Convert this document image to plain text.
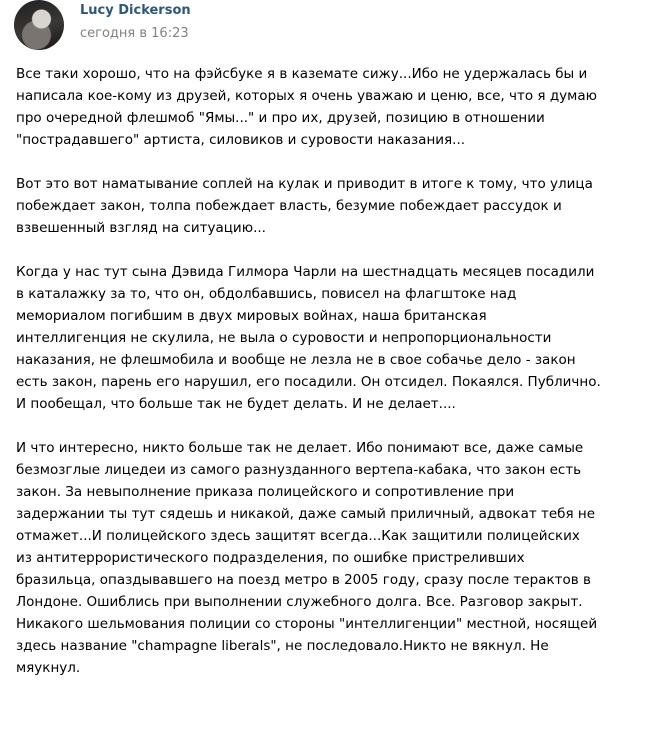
Lucy Dickerson
сегодня в 16:23
Все таки хорошо, что на фэйсбуке я в каземате сижу...Ибо не удержалась бы и
написала кое-кому из друзей, которых я очень уважаю и ценю, все, что я думаю
про очередной флешмоб "Ямы..." и про их, друзей, позицию в отношении
"пострадавшего" артиста, силовиков и суровости наказания...
Вот это вот наматывание соплей на кулак и приводит в итоге к тому, что улица
побеждает закон, толпа побеждает власть, безумие побеждает рассудок и
взвешенный взгляд на ситуацию...
Когда у нас тут сына Дэвида Гилмора Чарли на шестнадцать месяцев посадили
в каталажку за то, что он, обдолбавшись, повисел на флагштоке над
мемориалом погибшим в двух мировых войнах, наша британская
интеллигенция не скулила, не выла о суровости и непропорциональности
наказания, не флешмобила и вообще не лезла не в свое собачье дело - закон
есть закон, парень его нарушил, его посадили. Он отсидел. Покаялся. Публично.
И пообещал, что больше так не будет делать. И не делает....
И что интересно, никто больше так не делает. Ибо понимают все, даже самые
безмозглые лицедеи из самого разнузданного вертепа-кабака, что закон есть
закон. За невыполнение приказа полицейского и сопротивление при
задержании ты тут сядешь и никакой, даже самый приличный, адвокат тебя не
отмажет...И полицейского здесь защитят всегда...Как защитили полицейских
из антитеррористического подразделения, по ошибке пристреливших
бразильца, опаздывавшего на поезд метро в 2005 году, сразу после терактов в
Лондоне. Ошиблись при выполнении служебного долга. Все. Разговор закрыт.
Никакого шельмования полиции со стороны "интеллигенции" местной, носящей
здесь название "champagne liberals", не последовало.Никто не вякнул. Не
мяукнул.
